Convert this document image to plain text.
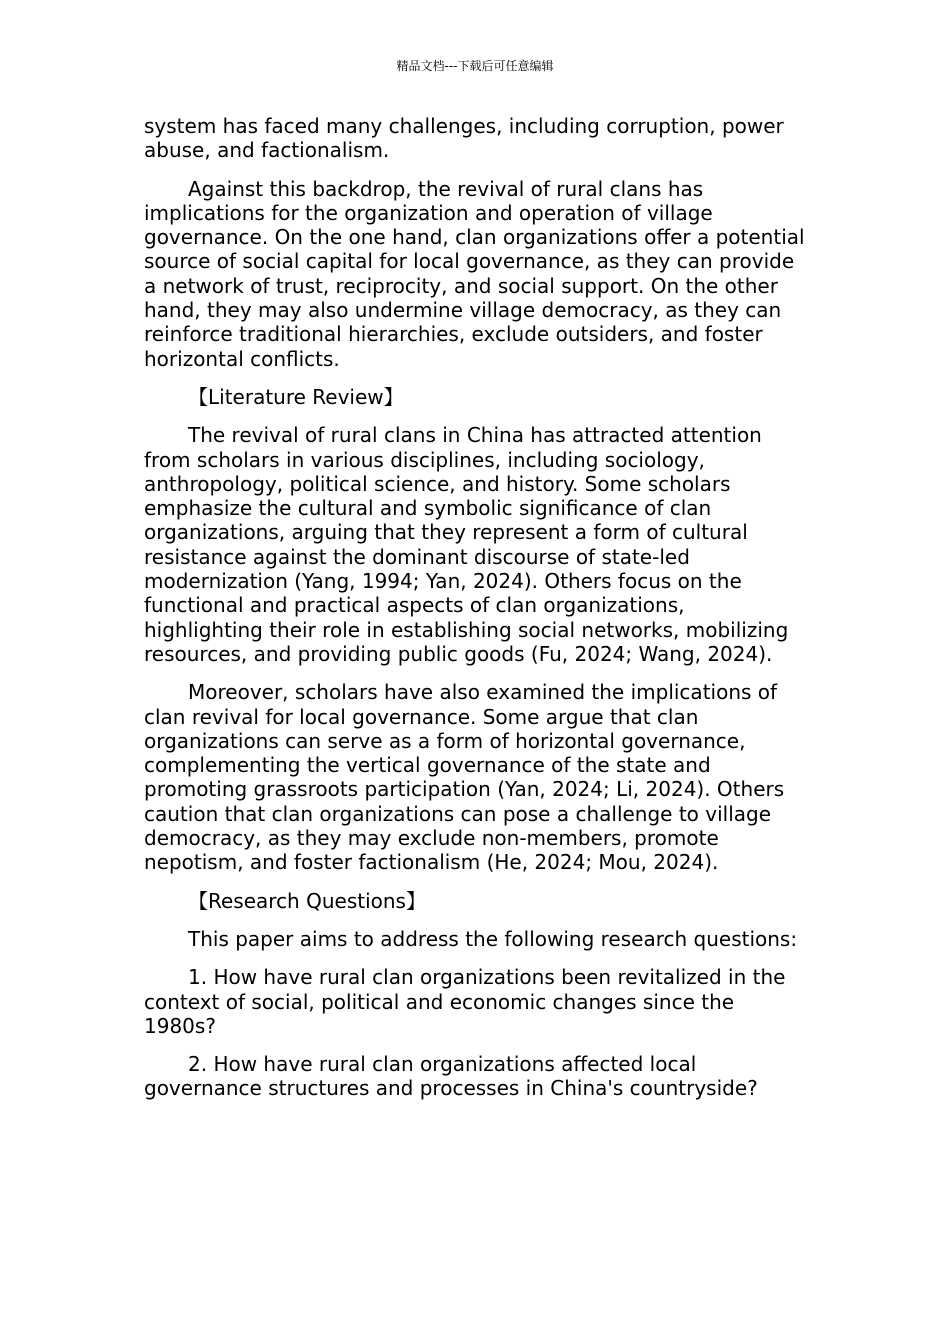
精品文档---下载后可任意编辑

system has faced many challenges, including corruption, power abuse, and factionalism.

Against this backdrop, the revival of rural clans has implications for the organization and operation of village governance. On the one hand, clan organizations offer a potential source of social capital for local governance, as they can provide a network of trust, reciprocity, and social support. On the other hand, they may also undermine village democracy, as they can reinforce traditional hierarchies, exclude outsiders, and foster horizontal conflicts.

【Literature Review】

The revival of rural clans in China has attracted attention from scholars in various disciplines, including sociology, anthropology, political science, and history. Some scholars emphasize the cultural and symbolic significance of clan organizations, arguing that they represent a form of cultural resistance against the dominant discourse of state-led modernization (Yang, 1994; Yan, 2024). Others focus on the functional and practical aspects of clan organizations, highlighting their role in establishing social networks, mobilizing resources, and providing public goods (Fu, 2024; Wang, 2024).

Moreover, scholars have also examined the implications of clan revival for local governance. Some argue that clan organizations can serve as a form of horizontal governance, complementing the vertical governance of the state and promoting grassroots participation (Yan, 2024; Li, 2024). Others caution that clan organizations can pose a challenge to village democracy, as they may exclude non-members, promote nepotism, and foster factionalism (He, 2024; Mou, 2024).

【Research Questions】

This paper aims to address the following research questions:

1. How have rural clan organizations been revitalized in the context of social, political and economic changes since the 1980s?

2. How have rural clan organizations affected local governance structures and processes in China's countryside?
